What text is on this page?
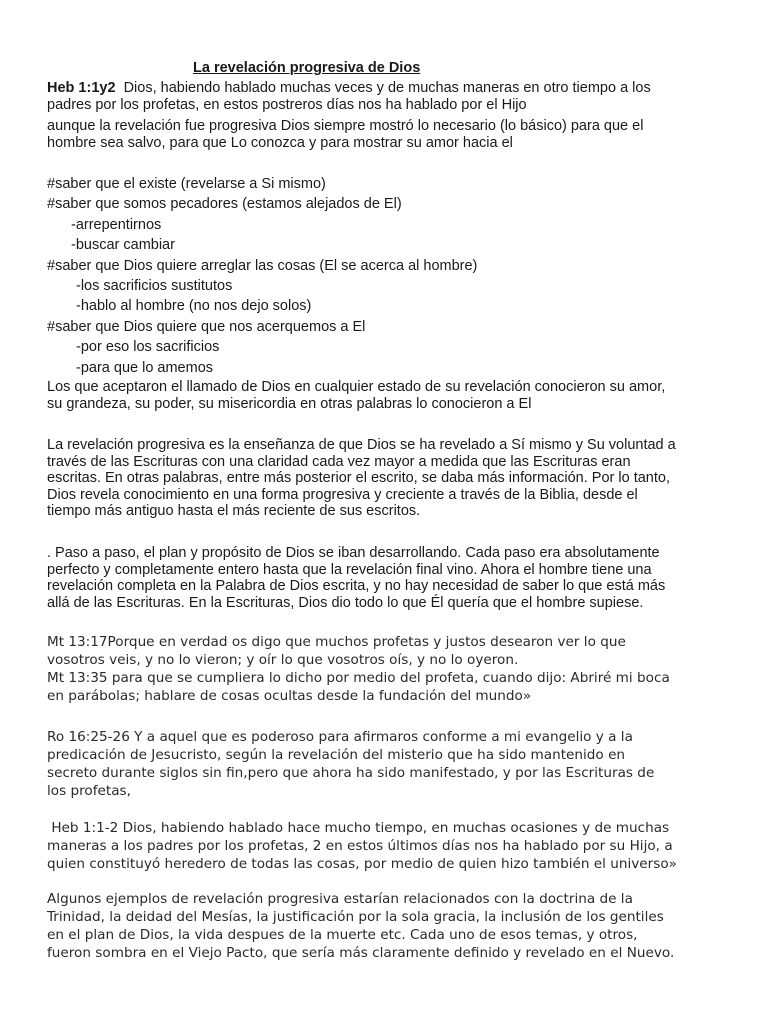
La revelación progresiva de Dios
Heb 1:1y2  Dios, habiendo hablado muchas veces y de muchas maneras en otro tiempo a los
padres por los profetas, en estos postreros días nos ha hablado por el Hijo
aunque la revelación fue progresiva Dios siempre mostró lo necesario (lo básico) para que el
hombre sea salvo, para que Lo conozca y para mostrar su amor hacia el
#saber que el existe (revelarse a Si mismo)
#saber que somos pecadores (estamos alejados de El)
-arrepentirnos
-buscar cambiar
#saber que Dios quiere arreglar las cosas (El se acerca al hombre)
-los sacrificios sustitutos
-hablo al hombre (no nos dejo solos)
#saber que Dios quiere que nos acerquemos a El
-por eso los sacrificios
-para que lo amemos
Los que aceptaron el llamado de Dios en cualquier estado de su revelación conocieron su amor,
su grandeza, su poder, su misericordia en otras palabras lo conocieron a El
La revelación progresiva es la enseñanza de que Dios se ha revelado a Sí mismo y Su voluntad a
través de las Escrituras con una claridad cada vez mayor a medida que las Escrituras eran
escritas. En otras palabras, entre más posterior el escrito, se daba más información. Por lo tanto,
Dios revela conocimiento en una forma progresiva y creciente a través de la Biblia, desde el
tiempo más antiguo hasta el más reciente de sus escritos.
. Paso a paso, el plan y propósito de Dios se iban desarrollando. Cada paso era absolutamente
perfecto y completamente entero hasta que la revelación final vino. Ahora el hombre tiene una
revelación completa en la Palabra de Dios escrita, y no hay necesidad de saber lo que está más
allá de las Escrituras. En la Escrituras, Dios dio todo lo que Él quería que el hombre supiese.
Mt 13:17Porque en verdad os digo que muchos profetas y justos desearon ver lo que
vosotros veis, y no lo vieron; y oír lo que vosotros oís, y no lo oyeron.
Mt 13:35 para que se cumpliera lo dicho por medio del profeta, cuando dijo: Abriré mi boca
en parábolas; hablare de cosas ocultas desde la fundación del mundo»
Ro 16:25-26 Y a aquel que es poderoso para afirmaros conforme a mi evangelio y a la
predicación de Jesucristo, según la revelación del misterio que ha sido mantenido en
secreto durante siglos sin fin,pero que ahora ha sido manifestado, y por las Escrituras de
los profetas,
Heb 1:1-2 Dios, habiendo hablado hace mucho tiempo, en muchas ocasiones y de muchas
maneras a los padres por los profetas, 2 en estos últimos días nos ha hablado por su Hijo, a
quien constituyó heredero de todas las cosas, por medio de quien hizo también el universo»
Algunos ejemplos de revelación progresiva estarían relacionados con la doctrina de la
Trinidad, la deidad del Mesías, la justificación por la sola gracia, la inclusión de los gentiles
en el plan de Dios, la vida despues de la muerte etc. Cada uno de esos temas, y otros,
fueron sombra en el Viejo Pacto, que sería más claramente definido y revelado en el Nuevo.
